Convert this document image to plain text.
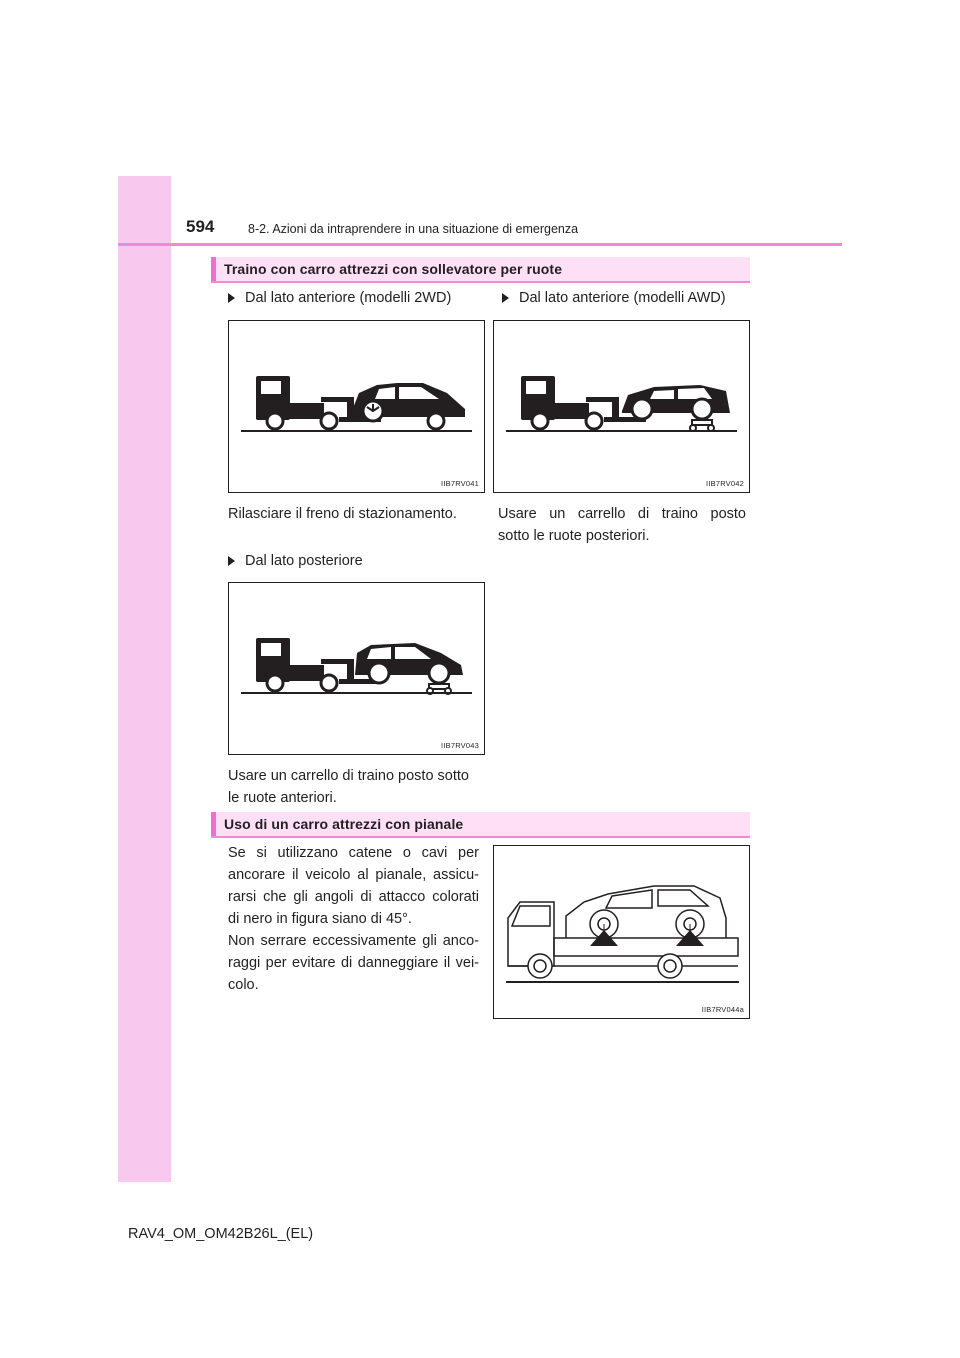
594	8-2. Azioni da intraprendere in una situazione di emergenza
Traino con carro attrezzi con sollevatore per ruote
Dal lato anteriore (modelli 2WD)	Dal lato anteriore (modelli AWD)
IIB7RV041	IIB7RV042
Rilasciare il freno di stazionamento.	Usare un carrello di traino posto
sotto le ruote posteriori.
Dal lato posteriore
IIB7RV043
Usare un carrello di traino posto sotto
le ruote anteriori.
Uso di un carro attrezzi con pianale
Se si utilizzano catene o cavi per
ancorare il veicolo al pianale, assicu-
rarsi che gli angoli di attacco colorati
di nero in figura siano di 45°.
Non serrare eccessivamente gli anco-
raggi per evitare di danneggiare il vei-
colo.
IIB7RV044a
RAV4_OM_OM42B26L_(EL)
